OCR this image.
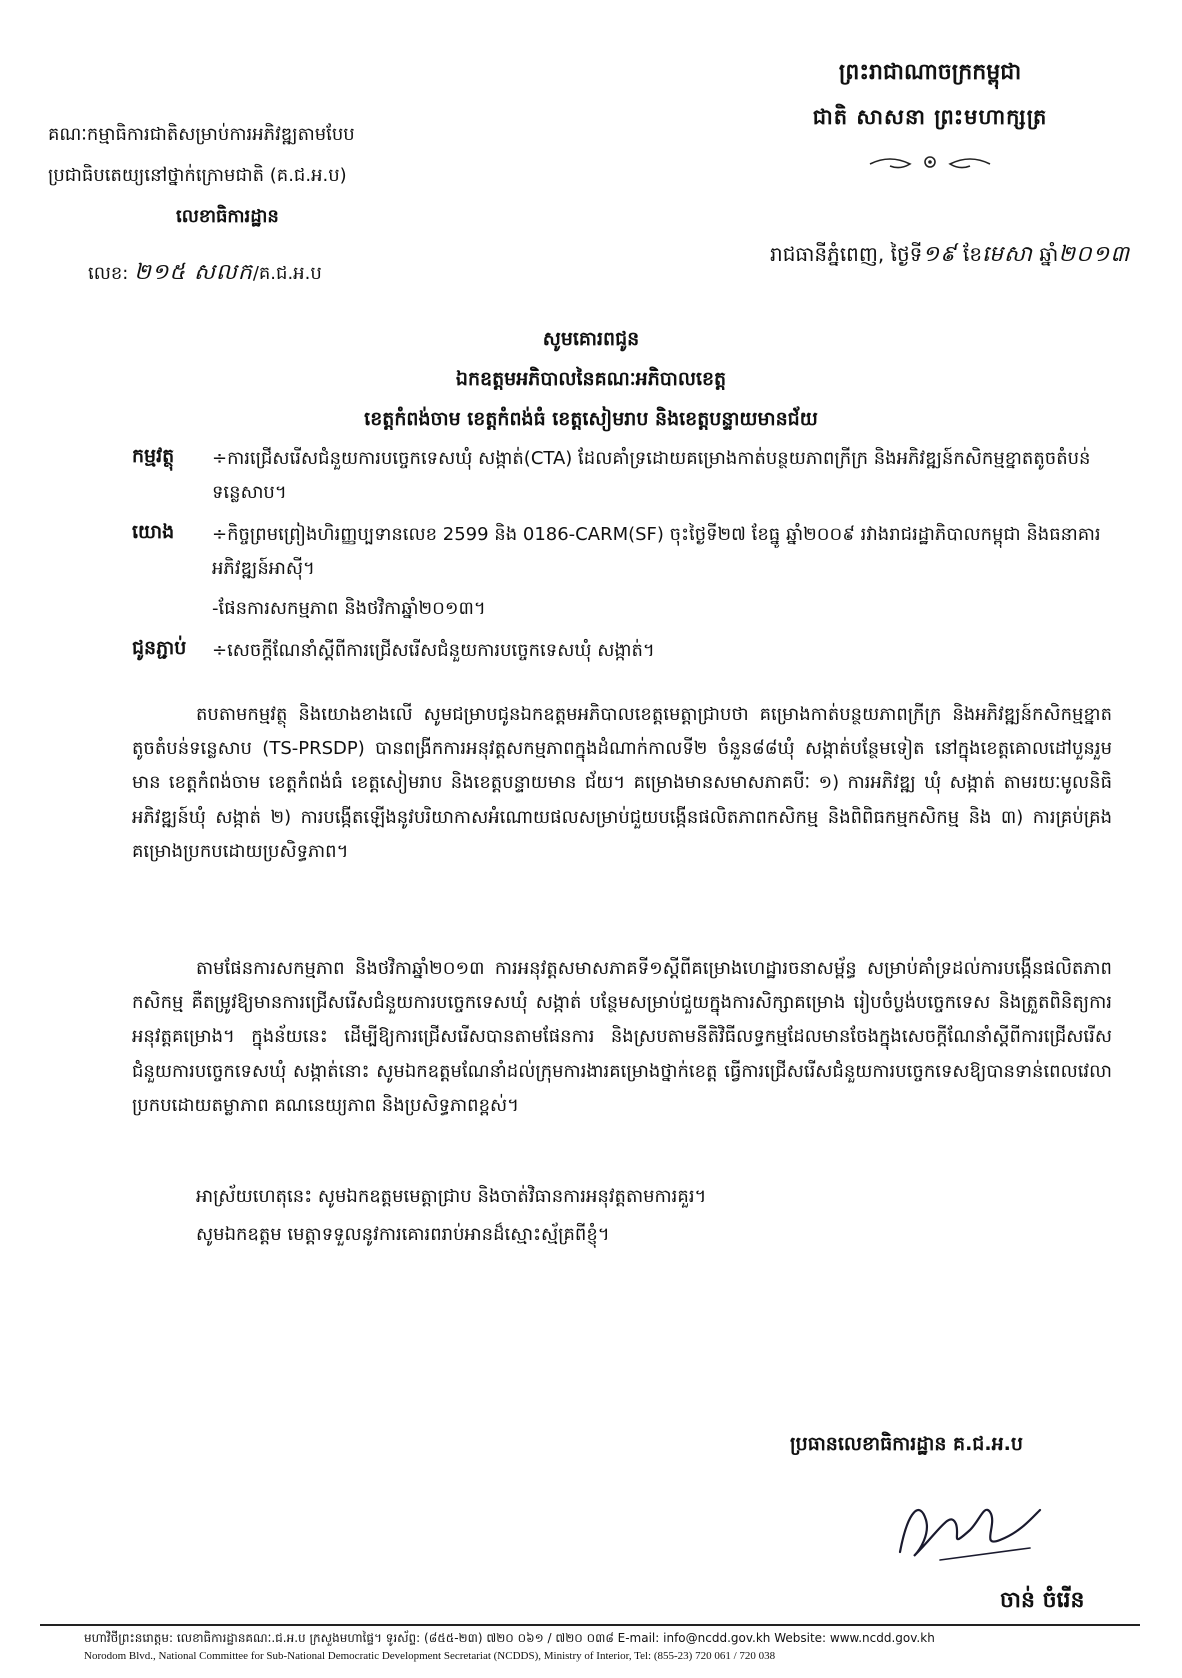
ព្រះរាជាណាចក្រកម្ពុជា
ជាតិ សាសនា ព្រះមហាក្សត្រ
គណៈកម្មាធិការជាតិសម្រាប់ការអភិវឌ្ឍតាមបែប
ប្រជាធិបតេយ្យនៅថ្នាក់ក្រោមជាតិ (គ.ជ.អ.ប)
លេខាធិការដ្ឋាន
លេខ: ២១៥ សលក/គ.ជ.អ.ប
រាជធានីភ្នំពេញ, ថ្ងៃទី១៩ ខែមេសា ឆ្នាំ២០១៣
សូមគោរពជូន
ឯកឧត្តមអភិបាលនៃគណៈអភិបាលខេត្ត
ខេត្តកំពង់ចាម ខេត្តកំពង់ធំ ខេត្តសៀមរាប និងខេត្តបន្ទាយមានជ័យ
កម្មវត្ថុ	÷ការជ្រើសរើសជំនួយការបច្ចេកទេសឃុំ សង្កាត់(CTA) ដែលគាំទ្រដោយគម្រោងកាត់បន្ថយភាពក្រីក្រ និងអភិវឌ្ឍន៍កសិកម្មខ្នាតតូចតំបន់ទន្លេសាប។
យោង	÷កិច្ចព្រមព្រៀងហិរញ្ញប្បទានលេខ 2599 និង 0186-CARM(SF) ចុះថ្ងៃទី២៧ ខែធ្នូ ឆ្នាំ២០០៩ រវាងរាជរដ្ឋាភិបាលកម្ពុជា និងធនាគារអភិវឌ្ឍន៍អាស៊ី។
-ផែនការសកម្មភាព និងថវិកាឆ្នាំ២០១៣។
ជូនភ្ជាប់	÷សេចក្តីណែនាំស្តីពីការជ្រើសរើសជំនួយការបច្ចេកទេសឃុំ សង្កាត់។
តបតាមកម្មវត្ថុ និងយោងខាងលើ សូមជម្រាបជូនឯកឧត្តមអភិបាលខេត្តមេត្តាជ្រាបថា គម្រោងកាត់បន្ថយភាពក្រីក្រ និងអភិវឌ្ឍន៍កសិកម្មខ្នាតតូចតំបន់ទន្លេសាប (TS-PRSDP) បានពង្រីកការអនុវត្តសកម្មភាពក្នុងដំណាក់កាលទី២ ចំនួន៨៨ឃុំ សង្កាត់បន្ថែមទៀត នៅក្នុងខេត្តគោលដៅបួនរួមមាន ខេត្តកំពង់ចាម ខេត្តកំពង់ធំ ខេត្តសៀមរាប និងខេត្តបន្ទាយមាន ជ័យ។ គម្រោងមានសមាសភាគបីៈ ១) ការអភិវឌ្ឍ ឃុំ សង្កាត់ តាមរយៈមូលនិធិអភិវឌ្ឍន៍ឃុំ សង្កាត់ ២) ការបង្កើតឡើងនូវបរិយាកាសអំណោយផលសម្រាប់ជួយបង្កើនផលិតភាពកសិកម្ម និងពិពិធកម្មកសិកម្ម និង ៣) ការគ្រប់គ្រងគម្រោងប្រកបដោយប្រសិទ្ធភាព។
តាមផែនការសកម្មភាព និងថវិកាឆ្នាំ២០១៣ ការអនុវត្តសមាសភាគទី១ស្តីពីគម្រោងហេដ្ឋារចនាសម្ព័ន្ធ សម្រាប់គាំទ្រដល់ការបង្កើនផលិតភាពកសិកម្ម គឺតម្រូវឱ្យមានការជ្រើសរើសជំនួយការបច្ចេកទេសឃុំ សង្កាត់ បន្ថែមសម្រាប់ជួយក្នុងការសិក្សាគម្រោង រៀបចំប្លង់បច្ចេកទេស និងត្រួតពិនិត្យការអនុវត្តគម្រោង។ ក្នុងន័យនេះ ដើម្បីឱ្យការជ្រើសរើសបានតាមផែនការ និងស្របតាមនីតិវិធីលទ្ធកម្មដែលមានចែងក្នុងសេចក្តីណែនាំស្តីពីការជ្រើសរើសជំនួយការបច្ចេកទេសឃុំ សង្កាត់នោះ សូមឯកឧត្តមណែនាំដល់ក្រុមការងារគម្រោងថ្នាក់ខេត្ត ធ្វើការជ្រើសរើសជំនួយការបច្ចេកទេសឱ្យបានទាន់ពេលវេលា ប្រកបដោយតម្លាភាព គណនេយ្យភាព និងប្រសិទ្ធភាពខ្ពស់។
អាស្រ័យហេតុនេះ សូមឯកឧត្តមមេត្តាជ្រាប និងចាត់វិធានការអនុវត្តតាមការគួរ។
សូមឯកឧត្តម មេត្តាទទួលនូវការគោរពរាប់អានដ៏ស្មោះស្ម័គ្រពីខ្ញុំ។
ប្រធានលេខាធិការដ្ឋាន គ.ជ.អ.ប
ចាន់ ចំរើន
មហាវិថីព្រះនរោត្តម: លេខាធិការដ្ឋានគណៈ.ជ.អ.ប ក្រសួងមហាផ្ទៃ។ ទូរស័ព្ទ: (៨៥៥-២៣) ៧២០ ០៦១ / ៧២០ ០៣៨ E-mail: info@ncdd.gov.kh Website: www.ncdd.gov.kh
Norodom Blvd., National Committee for Sub-National Democratic Development Secretariat (NCDDS), Ministry of Interior, Tel: (855-23) 720 061 / 720 038
